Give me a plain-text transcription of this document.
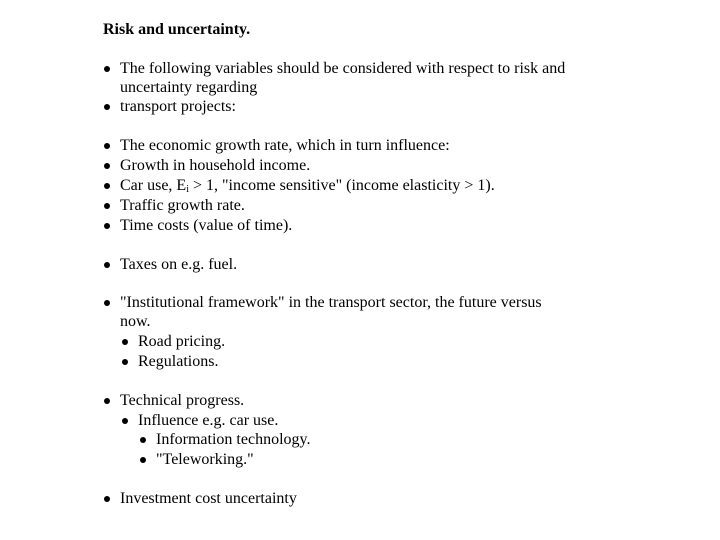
Risk and uncertainty.
The following variables should be considered with respect to risk and
uncertainty regarding
transport projects:
The economic growth rate, which in turn influence:
Growth in household income.
Car use, $E_i > 1$, "income sensitive" (income elasticity > 1).
Traffic growth rate.
Time costs (value of time).
Taxes on e.g. fuel.
"Institutional framework" in the transport sector, the future versus
now.
Road pricing.
Regulations.
Technical progress.
Influence e.g. car use.
Information technology.
"Teleworking."
Investment cost uncertainty
